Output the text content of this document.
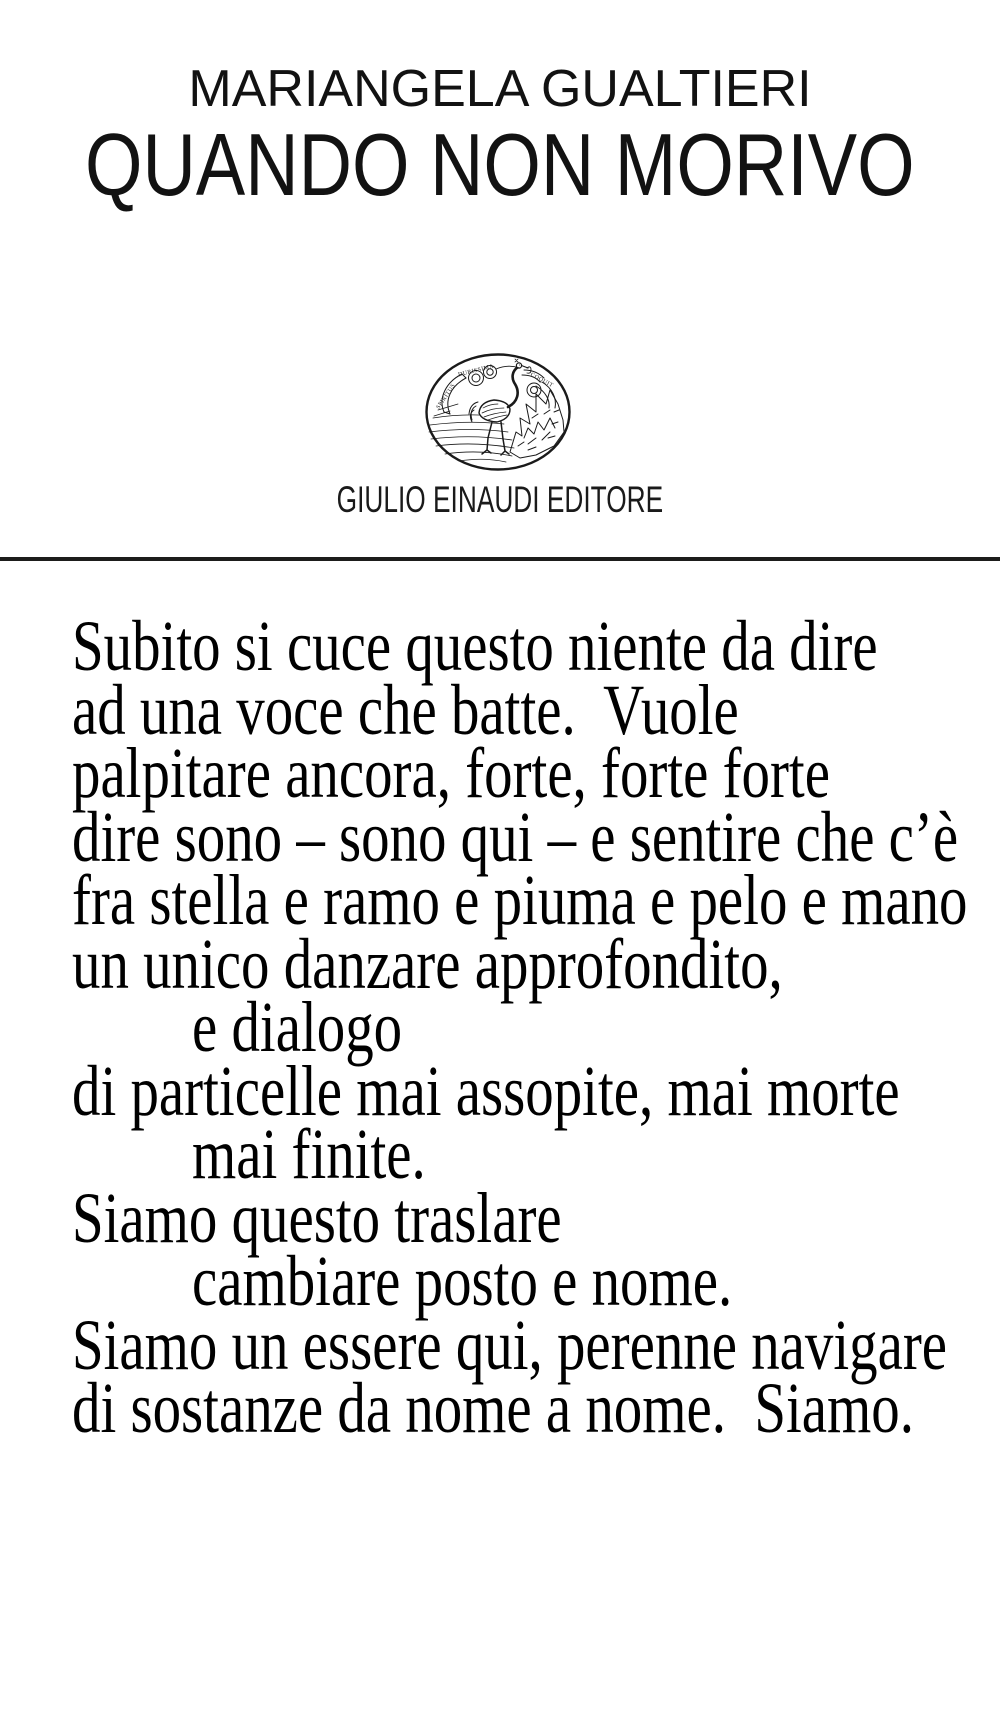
MARIANGELA GUALTIERI
QUANDO NON MORIVO
SPIRITUS
DURISSIMA
COQUIT
GIULIO EINAUDI EDITORE
Subito si cuce questo niente da dire
ad una voce che batte.  Vuole
palpitare ancora, forte, forte forte
dire sono – sono qui – e sentire che c’è
fra stella e ramo e piuma e pelo e mano
un unico danzare approfondito,
e dialogo
di particelle mai assopite, mai morte
mai finite.
Siamo questo traslare
cambiare posto e nome.
Siamo un essere qui, perenne navigare
di sostanze da nome a nome.  Siamo.
